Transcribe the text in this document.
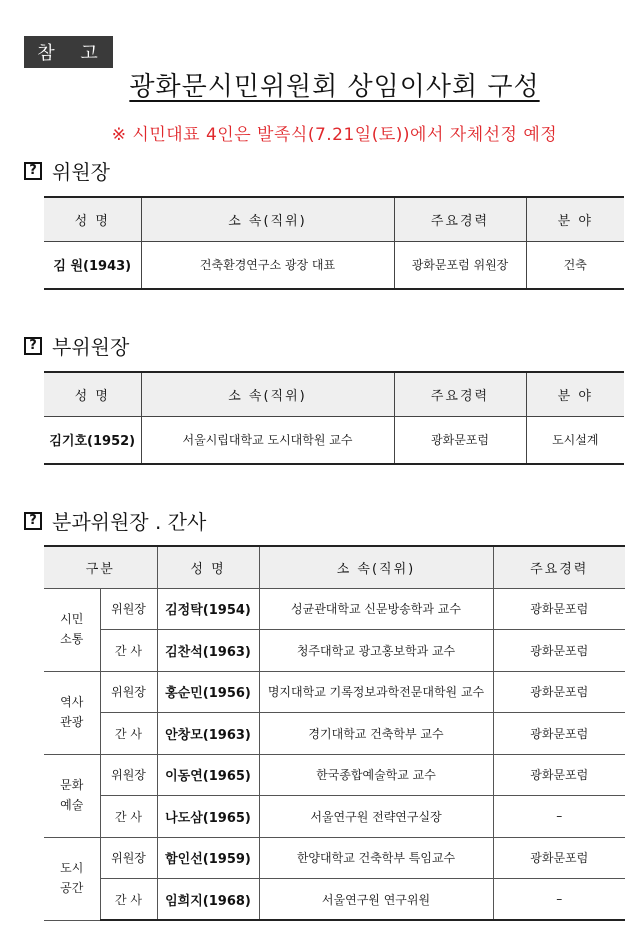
참 고
광화문시민위원회 상임이사회 구성
※ 시민대표 4인은 발족식(7.21일(토))에서 자체선정 예정
? 위원장
성 명	소 속(직위)	주요경력	분 야
김 원(1943)	건축환경연구소 광장 대표	광화문포럼 위원장	건축
? 부위원장
성 명	소 속(직위)	주요경력	분 야
김기호(1952)	서울시립대학교 도시대학원 교수	광화문포럼	도시설계
? 분과위원장 . 간사
구분		성 명	소 속(직위)	주요경력
시민
소통	위원장	김정탁(1954)	성균관대학교 신문방송학과 교수	광화문포럼
	간 사	김찬석(1963)	청주대학교 광고홍보학과 교수	광화문포럼
역사
관광	위원장	홍순민(1956)	명지대학교 기록정보과학전문대학원 교수	광화문포럼
	간 사	안창모(1963)	경기대학교 건축학부 교수	광화문포럼
문화
예술	위원장	이동연(1965)	한국종합예술학교 교수	광화문포럼
	간 사	나도삼(1965)	서울연구원 전략연구실장	–
도시
공간	위원장	함인선(1959)	한양대학교 건축학부 특임교수	광화문포럼
	간 사	임희지(1968)	서울연구원 연구위원	–
